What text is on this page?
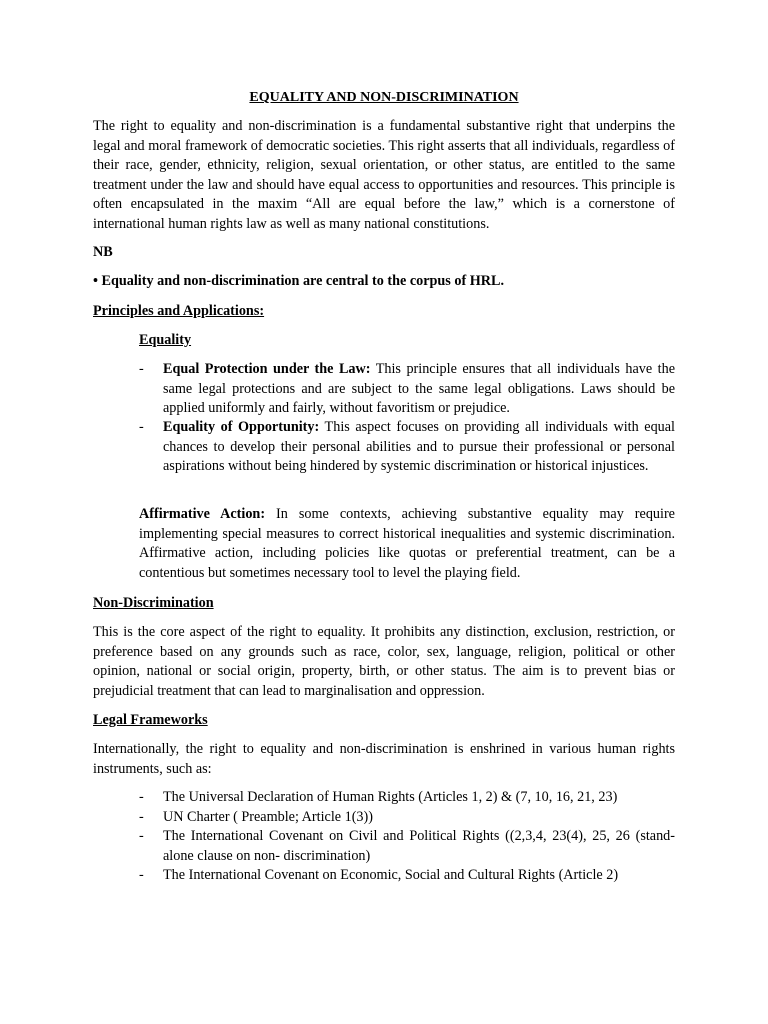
EQUALITY AND NON-DISCRIMINATION

The right to equality and non-discrimination is a fundamental substantive right that underpins the legal and moral framework of democratic societies. This right asserts that all individuals, regardless of their race, gender, ethnicity, religion, sexual orientation, or other status, are entitled to the same treatment under the law and should have equal access to opportunities and resources. This principle is often encapsulated in the maxim “All are equal before the law,” which is a cornerstone of international human rights law as well as many national constitutions.

NB
• Equality and non-discrimination are central to the corpus of HRL.
Principles and Applications:
Equality
- Equal Protection under the Law: This principle ensures that all individuals have the same legal protections and are subject to the same legal obligations. Laws should be applied uniformly and fairly, without favoritism or prejudice.
- Equality of Opportunity: This aspect focuses on providing all individuals with equal chances to develop their personal abilities and to pursue their professional or personal aspirations without being hindered by systemic discrimination or historical injustices.

Affirmative Action: In some contexts, achieving substantive equality may require implementing special measures to correct historical inequalities and systemic discrimination. Affirmative action, including policies like quotas or preferential treatment, can be a contentious but sometimes necessary tool to level the playing field.

Non-Discrimination

This is the core aspect of the right to equality. It prohibits any distinction, exclusion, restriction, or preference based on any grounds such as race, color, sex, language, religion, political or other opinion, national or social origin, property, birth, or other status. The aim is to prevent bias or prejudicial treatment that can lead to marginalisation and oppression.

Legal Frameworks

Internationally, the right to equality and non-discrimination is enshrined in various human rights instruments, such as:

- The Universal Declaration of Human Rights (Articles 1, 2) & (7, 10, 16, 21, 23)
- UN Charter ( Preamble; Article 1(3))
- The International Covenant on Civil and Political Rights ((2,3,4, 23(4), 25, 26 (stand- alone clause on non- discrimination)
- The International Covenant on Economic, Social and Cultural Rights (Article 2)
